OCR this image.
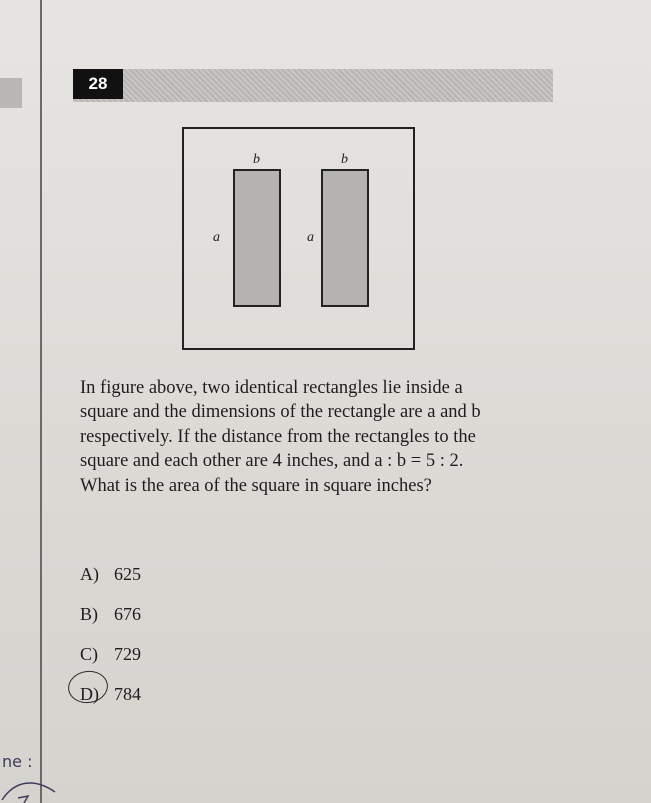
28
b	b
a	a
In figure above, two identical rectangles lie inside a
square and the dimensions of the rectangle are a and b
respectively. If the distance from the rectangles to the
square and each other are 4 inches, and a : b = 5 : 2.
What is the area of the square in square inches?
A) 625
B) 676
C) 729
D) 784
ne :
